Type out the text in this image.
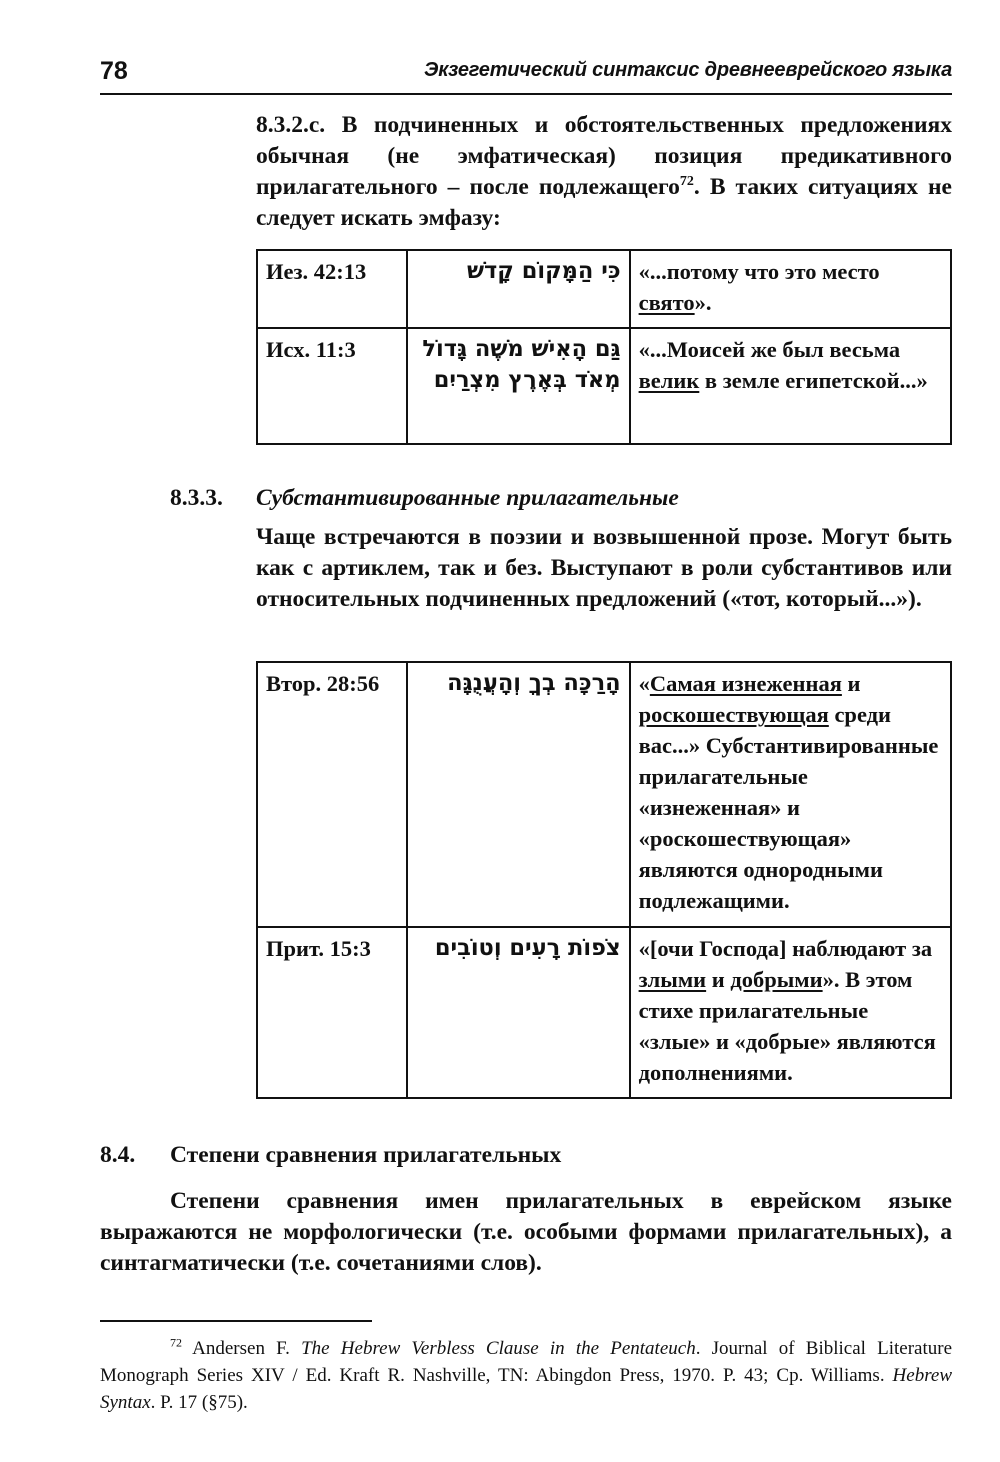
78	Экзегетический синтаксис древнееврейского языка
8.3.2.c. В подчиненных и обстоятельственных предложениях обычная (не эмфатическая) позиция предикативного прилагательного – после подлежащего$^{72}$. В таких ситуациях не следует искать эмфазу:
Иез. 42:13	כִּי הַמָּקוֹם קָדֹשׁ	«...потому что это место свято».
Исх. 11:3	גַּם הָאִישׁ מֹשֶׁה גָּדוֹל מְאֹד בְּאֶרֶץ מִצְרַיִם	«...Моисей же был весьма велик в земле египетской...»
8.3.3. Субстантивированные прилагательные
Чаще встречаются в поэзии и возвышенной прозе. Могут быть как с артиклем, так и без. Выступают в роли субстантивов или относительных подчиненных предложений («тот, который...»).
Втор. 28:56	הָרַכָּה בְךָ וְהָעֲנֻגָּה	«Самая изнеженная и роскошествующая среди вас...» Субстантивированные прилагательные «изнеженная» и «роскошествующая» являются однородными подлежащими.
Прит. 15:3	צֹפוֹת רָעִים וְטוֹבִים	«[очи Господа] наблюдают за злыми и добрыми». В этом стихе прилагательные «злые» и «добрые» являются дополнениями.
8.4. Степени сравнения прилагательных
Степени сравнения имен прилагательных в еврейском языке выражаются не морфологически (т.е. особыми формами прилагательных), а синтагматически (т.е. сочетаниями слов).
$^{72}$ Andersen F. The Hebrew Verbless Clause in the Pentateuch. Journal of Biblical Literature Monograph Series XIV / Ed. Kraft R. Nashville, TN: Abingdon Press, 1970. P. 43; Cp. Williams. Hebrew Syntax. P. 17 (§75).
